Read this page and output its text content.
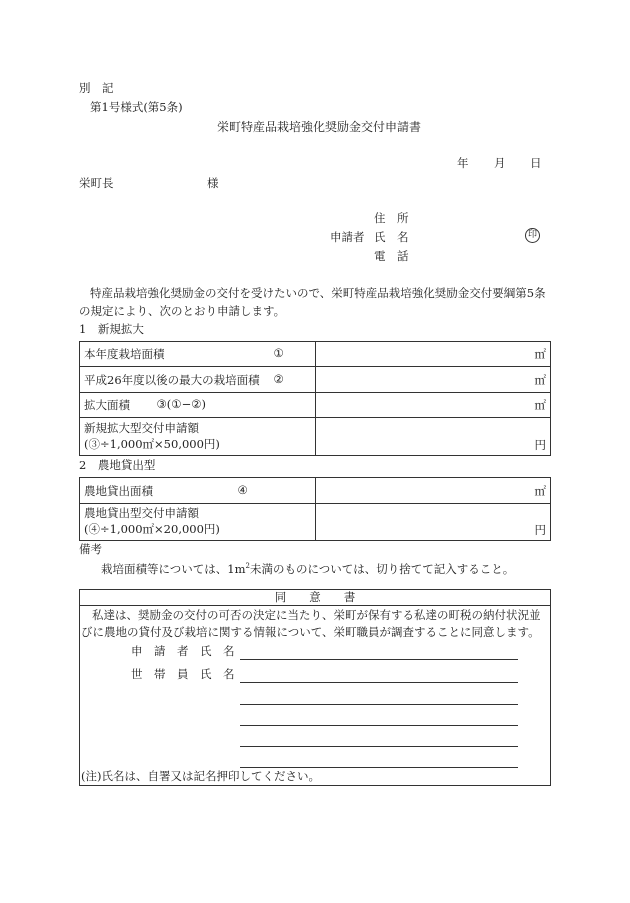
別　記
第1号様式(第5条)
栄町特産品栽培強化奨励金交付申請書
年 月 日
栄町長	様
住　所
申請者 氏　名	印
電　話
特産品栽培強化奨励金の交付を受けたいので、栄町特産品栽培強化奨励金交付要綱第5条
の規定により、次のとおり申請します。
1　新規拡大
本年度栽培面積 ①	㎡
平成26年度以後の最大の栽培面積 ②	㎡
拡大面積 ③(①−②)	㎡

新規拡大型交付申請額
(③÷1,000㎡×50,000円)	円
2　農地貸出型
農地貸出面積 ④	㎡

農地貸出型交付申請額
(④÷1,000㎡×20,000円)	円
備考
栽培面積等については、$1m^2$未満のものについては、切り捨てて記入すること。
同　　意　　書
私達は、奨励金の交付の可否の決定に当たり、栄町が保有する私達の町税の納付状況並
びに農地の貸付及び栽培に関する情報について、栄町職員が調査することに同意します。
申　請　者　氏　名
世　帯　員　氏　名
(注)氏名は、自署又は記名押印してください。
